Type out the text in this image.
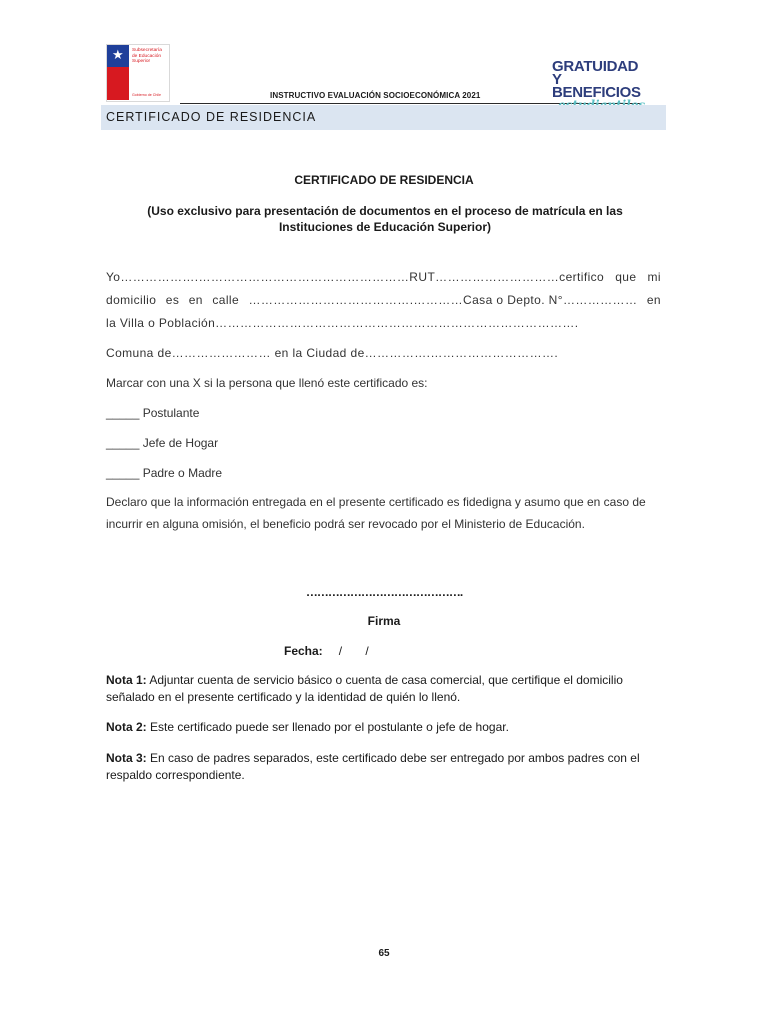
★ Subsecretaría
de Educación
Superior
Gobierno de Chile	INSTRUCTIVO EVALUACIÓN SOCIOECONÓMICA 2021
GRATUIDAD
Y BENEFICIOS
CERTIFICADO DE RESIDENCIA
CERTIFICADO DE RESIDENCIA
(Uso exclusivo para presentación de documentos en el proceso de matrícula en las Instituciones de Educación Superior)
Yo……………….……………………………………………RUT…………………………certifico que mi
domicilio es en calle ………………………………….…………Casa o Depto. N°……………… en
la Villa o Población…………………………………………………………………………….
Comuna de…………………… en la Ciudad de…………….………………………….
Marcar con una X si la persona que llenó este certificado es:
_____ Postulante
_____ Jefe de Hogar
_____ Padre o Madre
Declaro que la información entregada en el presente certificado es fidedigna y asumo que en caso de incurrir en alguna omisión, el beneficio podrá ser revocado por el Ministerio de Educación.
…………………………………….
Firma
Fecha: /       /
Nota 1: Adjuntar cuenta de servicio básico o cuenta de casa comercial, que certifique el domicilio señalado en el presente certificado y la identidad de quién lo llenó.
Nota 2: Este certificado puede ser llenado por el postulante o jefe de hogar.
Nota 3: En caso de padres separados, este certificado debe ser entregado por ambos padres con el respaldo correspondiente.
65
